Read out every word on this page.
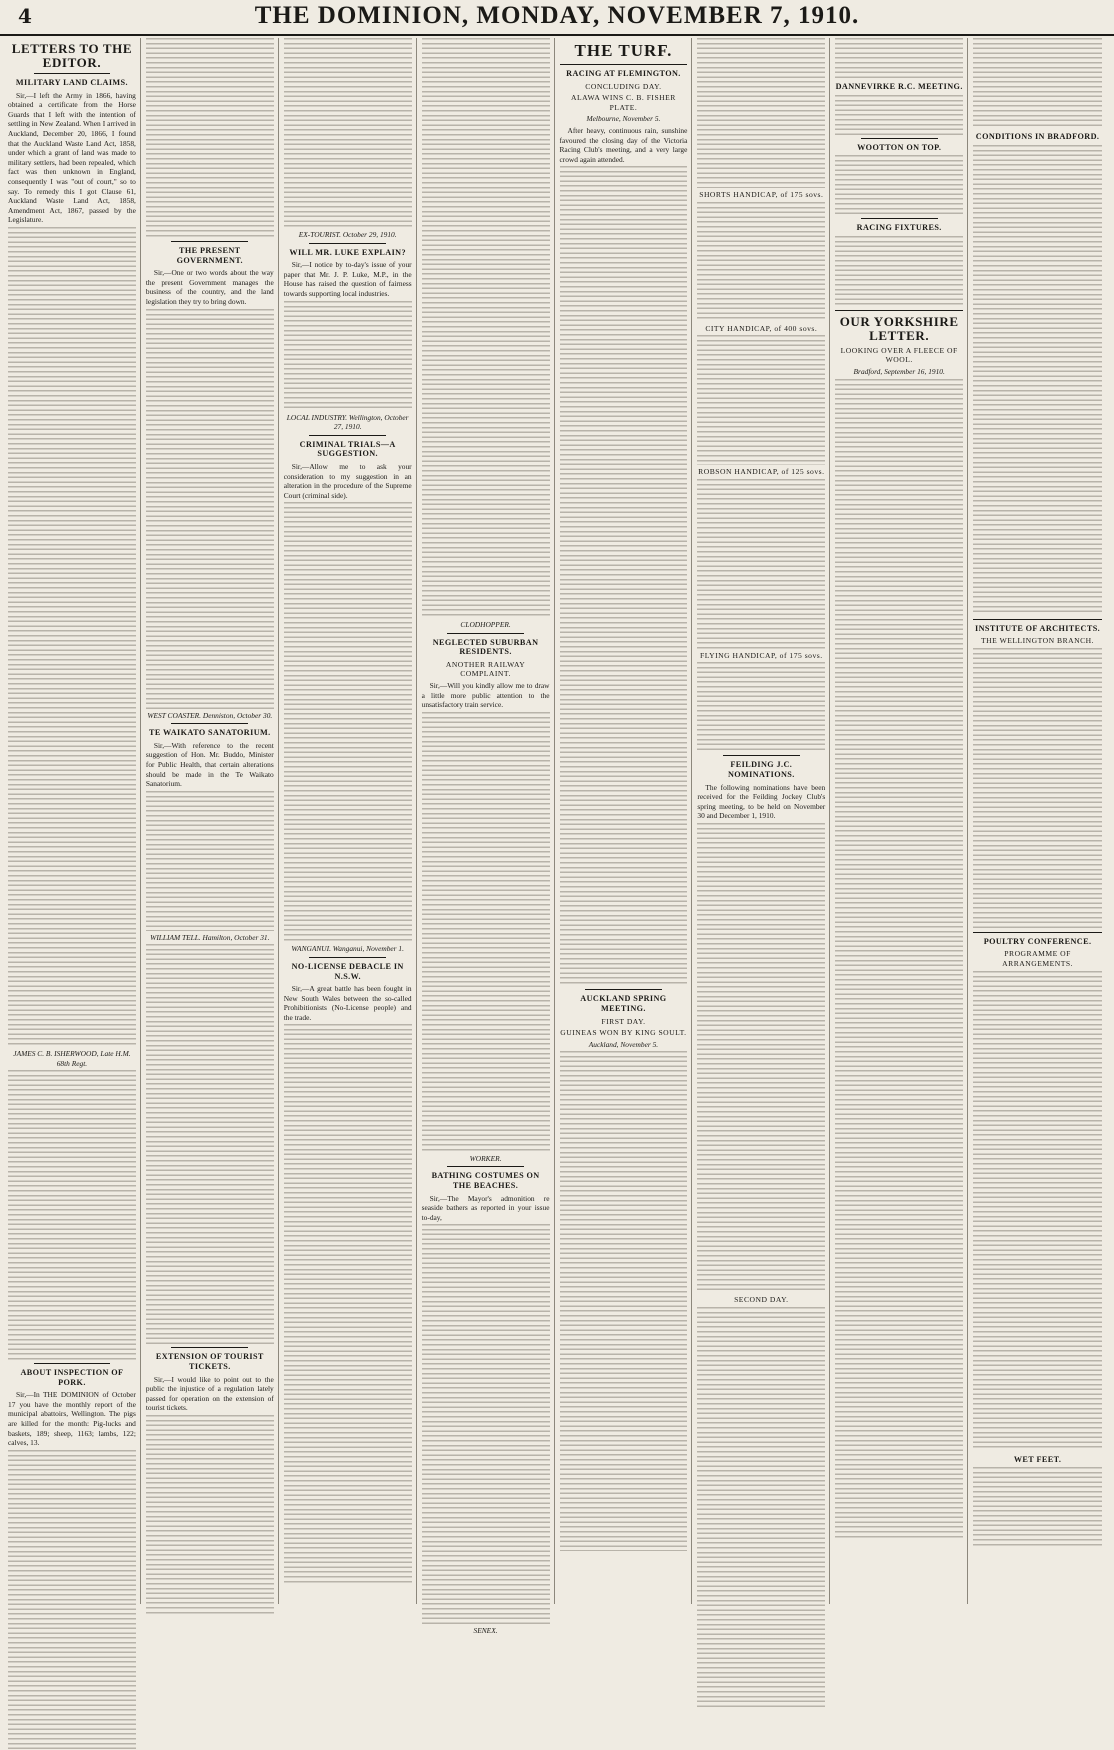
4	THE DOMINION, MONDAY, NOVEMBER 7, 1910.
LETTERS TO THE EDITOR.
MILITARY LAND CLAIMS.

Sir,—I left the Army in 1866, having obtained a certificate from the Horse Guards that I left with the intention of settling in New Zealand. When I arrived in Auckland, December 20, 1866, I found that the Auckland Waste Land Act, 1858, under which a grant of land was made to military settlers, had been repealed, which fact was then unknown in England, consequently I was "out of court," so to say. To remedy this I got Clause 61, Auckland Waste Land Act, 1858, Amendment Act, 1867, passed by the Legislature.

JAMES C. B. ISHERWOOD, Late H.M. 68th Regt.

ABOUT INSPECTION OF PORK.

Sir,—In THE DOMINION of October 17 you have the monthly report of the municipal abattoirs, Wellington. The pigs are killed for the month: Pig-lucks and baskets, 189; sheep, 1163; lambs, 122; calves, 13.

THE PRESENT GOVERNMENT.

Sir,—One or two words about the way the present Government manages the business of the country, and the land legislation they try to bring down.

WEST COASTER. Denniston, October 30.

TE WAIKATO SANATORIUM.

Sir,—With reference to the recent suggestion of Hon. Mr. Buddo, Minister for Public Health, that certain alterations should be made in the Te Waikato Sanatorium.

WILLIAM TELL. Hamilton, October 31.

EXTENSION OF TOURIST TICKETS.

Sir,—I would like to point out to the public the injustice of a regulation lately passed for operation on the extension of tourist tickets.

EX-TOURIST. October 29, 1910.

WILL MR. LUKE EXPLAIN?

Sir,—I notice by to-day's issue of your paper that Mr. J. P. Luke, M.P., in the House has raised the question of fairness towards supporting local industries.

LOCAL INDUSTRY. Wellington, October 27, 1910.

CRIMINAL TRIALS—A SUGGESTION.

Sir,—Allow me to ask your consideration to my suggestion in an alteration in the procedure of the Supreme Court (criminal side).

WANGANUI. Wanganui, November 1.

NO-LICENSE DEBACLE IN N.S.W.

Sir,—A great battle has been fought in New South Wales between the so-called Prohibitionists (No-License people) and the trade.

CLODHOPPER.

NEGLECTED SUBURBAN RESIDENTS.
ANOTHER RAILWAY COMPLAINT.

Sir,—Will you kindly allow me to draw a little more public attention to the unsatisfactory train service.

WORKER.

BATHING COSTUMES ON THE BEACHES.

Sir,—The Mayor's admonition re seaside bathers as reported in your issue to-day,

SENEX.

THE TURF.
RACING AT FLEMINGTON.
CONCLUDING DAY.
ALAWA WINS C. B. FISHER PLATE.

Melbourne, November 5.

After heavy, continuous rain, sunshine favoured the closing day of the Victoria Racing Club's meeting, and a very large crowd again attended.

AUCKLAND SPRING MEETING.
FIRST DAY.
GUINEAS WON BY KING SOULT.

Auckland, November 5.

SHORTS HANDICAP, of 175 sovs.
CITY HANDICAP, of 400 sovs.
ROBSON HANDICAP, of 125 sovs.
FLYING HANDICAP, of 175 sovs.
FEILDING J.C. NOMINATIONS.

The following nominations have been received for the Feilding Jockey Club's spring meeting, to be held on November 30 and December 1, 1910.

SECOND DAY.
DANNEVIRKE R.C. MEETING.
WOOTTON ON TOP.
RACING FIXTURES.
OUR YORKSHIRE LETTER.
LOOKING OVER A FLEECE OF WOOL.

Bradford, September 16, 1910.

CONDITIONS IN BRADFORD.
INSTITUTE OF ARCHITECTS.
THE WELLINGTON BRANCH.
POULTRY CONFERENCE.
PROGRAMME OF ARRANGEMENTS.
WET FEET.
